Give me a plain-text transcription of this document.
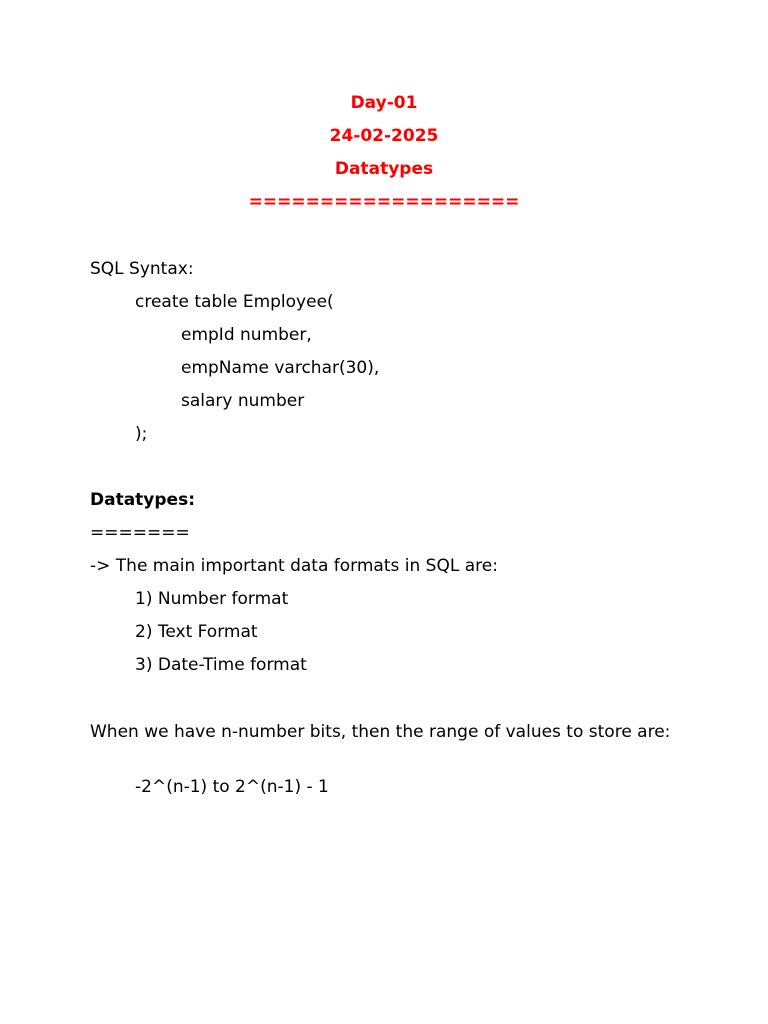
Day-01
24-02-2025
Datatypes
===================
SQL Syntax:
create table Employee(
empId number,
empName varchar(30),
salary number
);
Datatypes:
=======
-> The main important data formats in SQL are:
1) Number format
2) Text Format
3) Date-Time format
When we have n-number bits, then the range of values to store are:
-2^(n-1) to 2^(n-1) - 1
